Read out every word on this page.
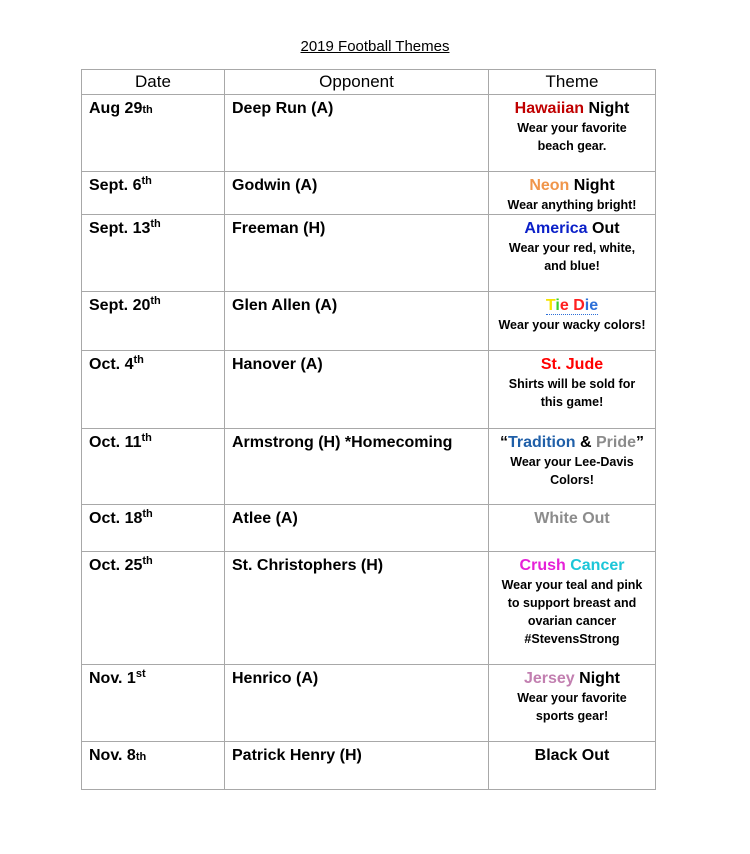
2019 Football Themes
Date	Opponent	Theme
Aug 29th	Deep Run (A)	Hawaiian Night
Wear your favorite
beach gear.

Sept. 6th	Godwin (A)	Neon Night
Wear anything bright!

Sept. 13th	Freeman (H)	America Out
Wear your red, white,
and blue!

Sept. 20th	Glen Allen (A)	Tie Die
Wear your wacky colors!

Oct. 4th	Hanover (A)	St. Jude
Shirts will be sold for
this game!

Oct. 11th	Armstrong (H) *Homecoming	“Tradition & Pride”
Wear your Lee-Davis
Colors!

Oct. 18th	Atlee (A)	White Out

Oct. 25th	St. Christophers (H)	Crush Cancer
Wear your teal and pink
to support breast and
ovarian cancer
#StevensStrong

Nov. 1st	Henrico (A)	Jersey Night
Wear your favorite
sports gear!

Nov. 8th	Patrick Henry (H)	Black Out
